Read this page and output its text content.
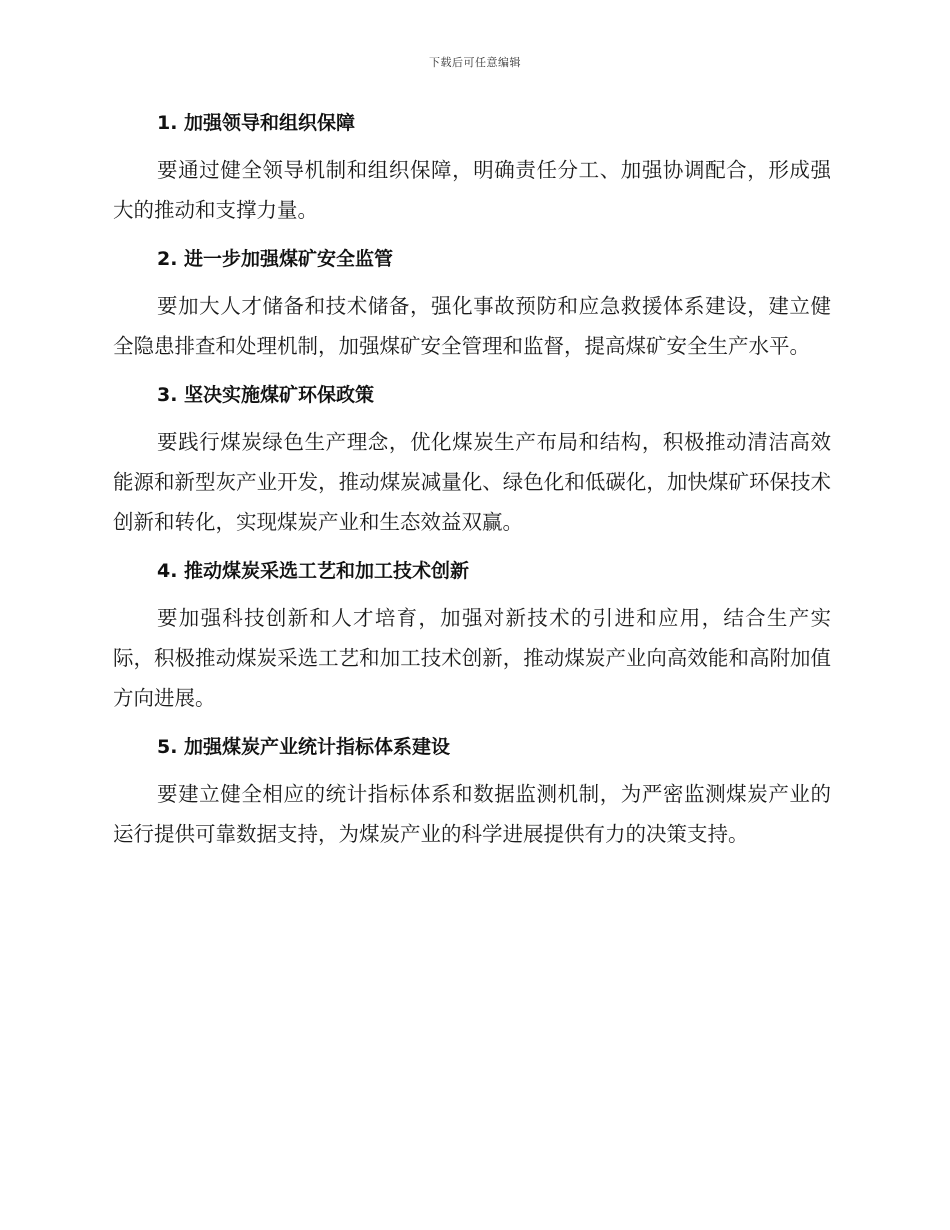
下载后可任意编辑
1. 加强领导和组织保障

要通过健全领导机制和组织保障，明确责任分工、加强协调配合，形成强大的推动和支撑力量。

2. 进一步加强煤矿安全监管

要加大人才储备和技术储备，强化事故预防和应急救援体系建设，建立健全隐患排查和处理机制，加强煤矿安全管理和监督，提高煤矿安全生产水平。

3. 坚决实施煤矿环保政策

要践行煤炭绿色生产理念，优化煤炭生产布局和结构，积极推动清洁高效能源和新型灰产业开发，推动煤炭减量化、绿色化和低碳化，加快煤矿环保技术创新和转化，实现煤炭产业和生态效益双赢。

4. 推动煤炭采选工艺和加工技术创新

要加强科技创新和人才培育，加强对新技术的引进和应用，结合生产实际，积极推动煤炭采选工艺和加工技术创新，推动煤炭产业向高效能和高附加值方向进展。

5. 加强煤炭产业统计指标体系建设

要建立健全相应的统计指标体系和数据监测机制，为严密监测煤炭产业的运行提供可靠数据支持，为煤炭产业的科学进展提供有力的决策支持。
